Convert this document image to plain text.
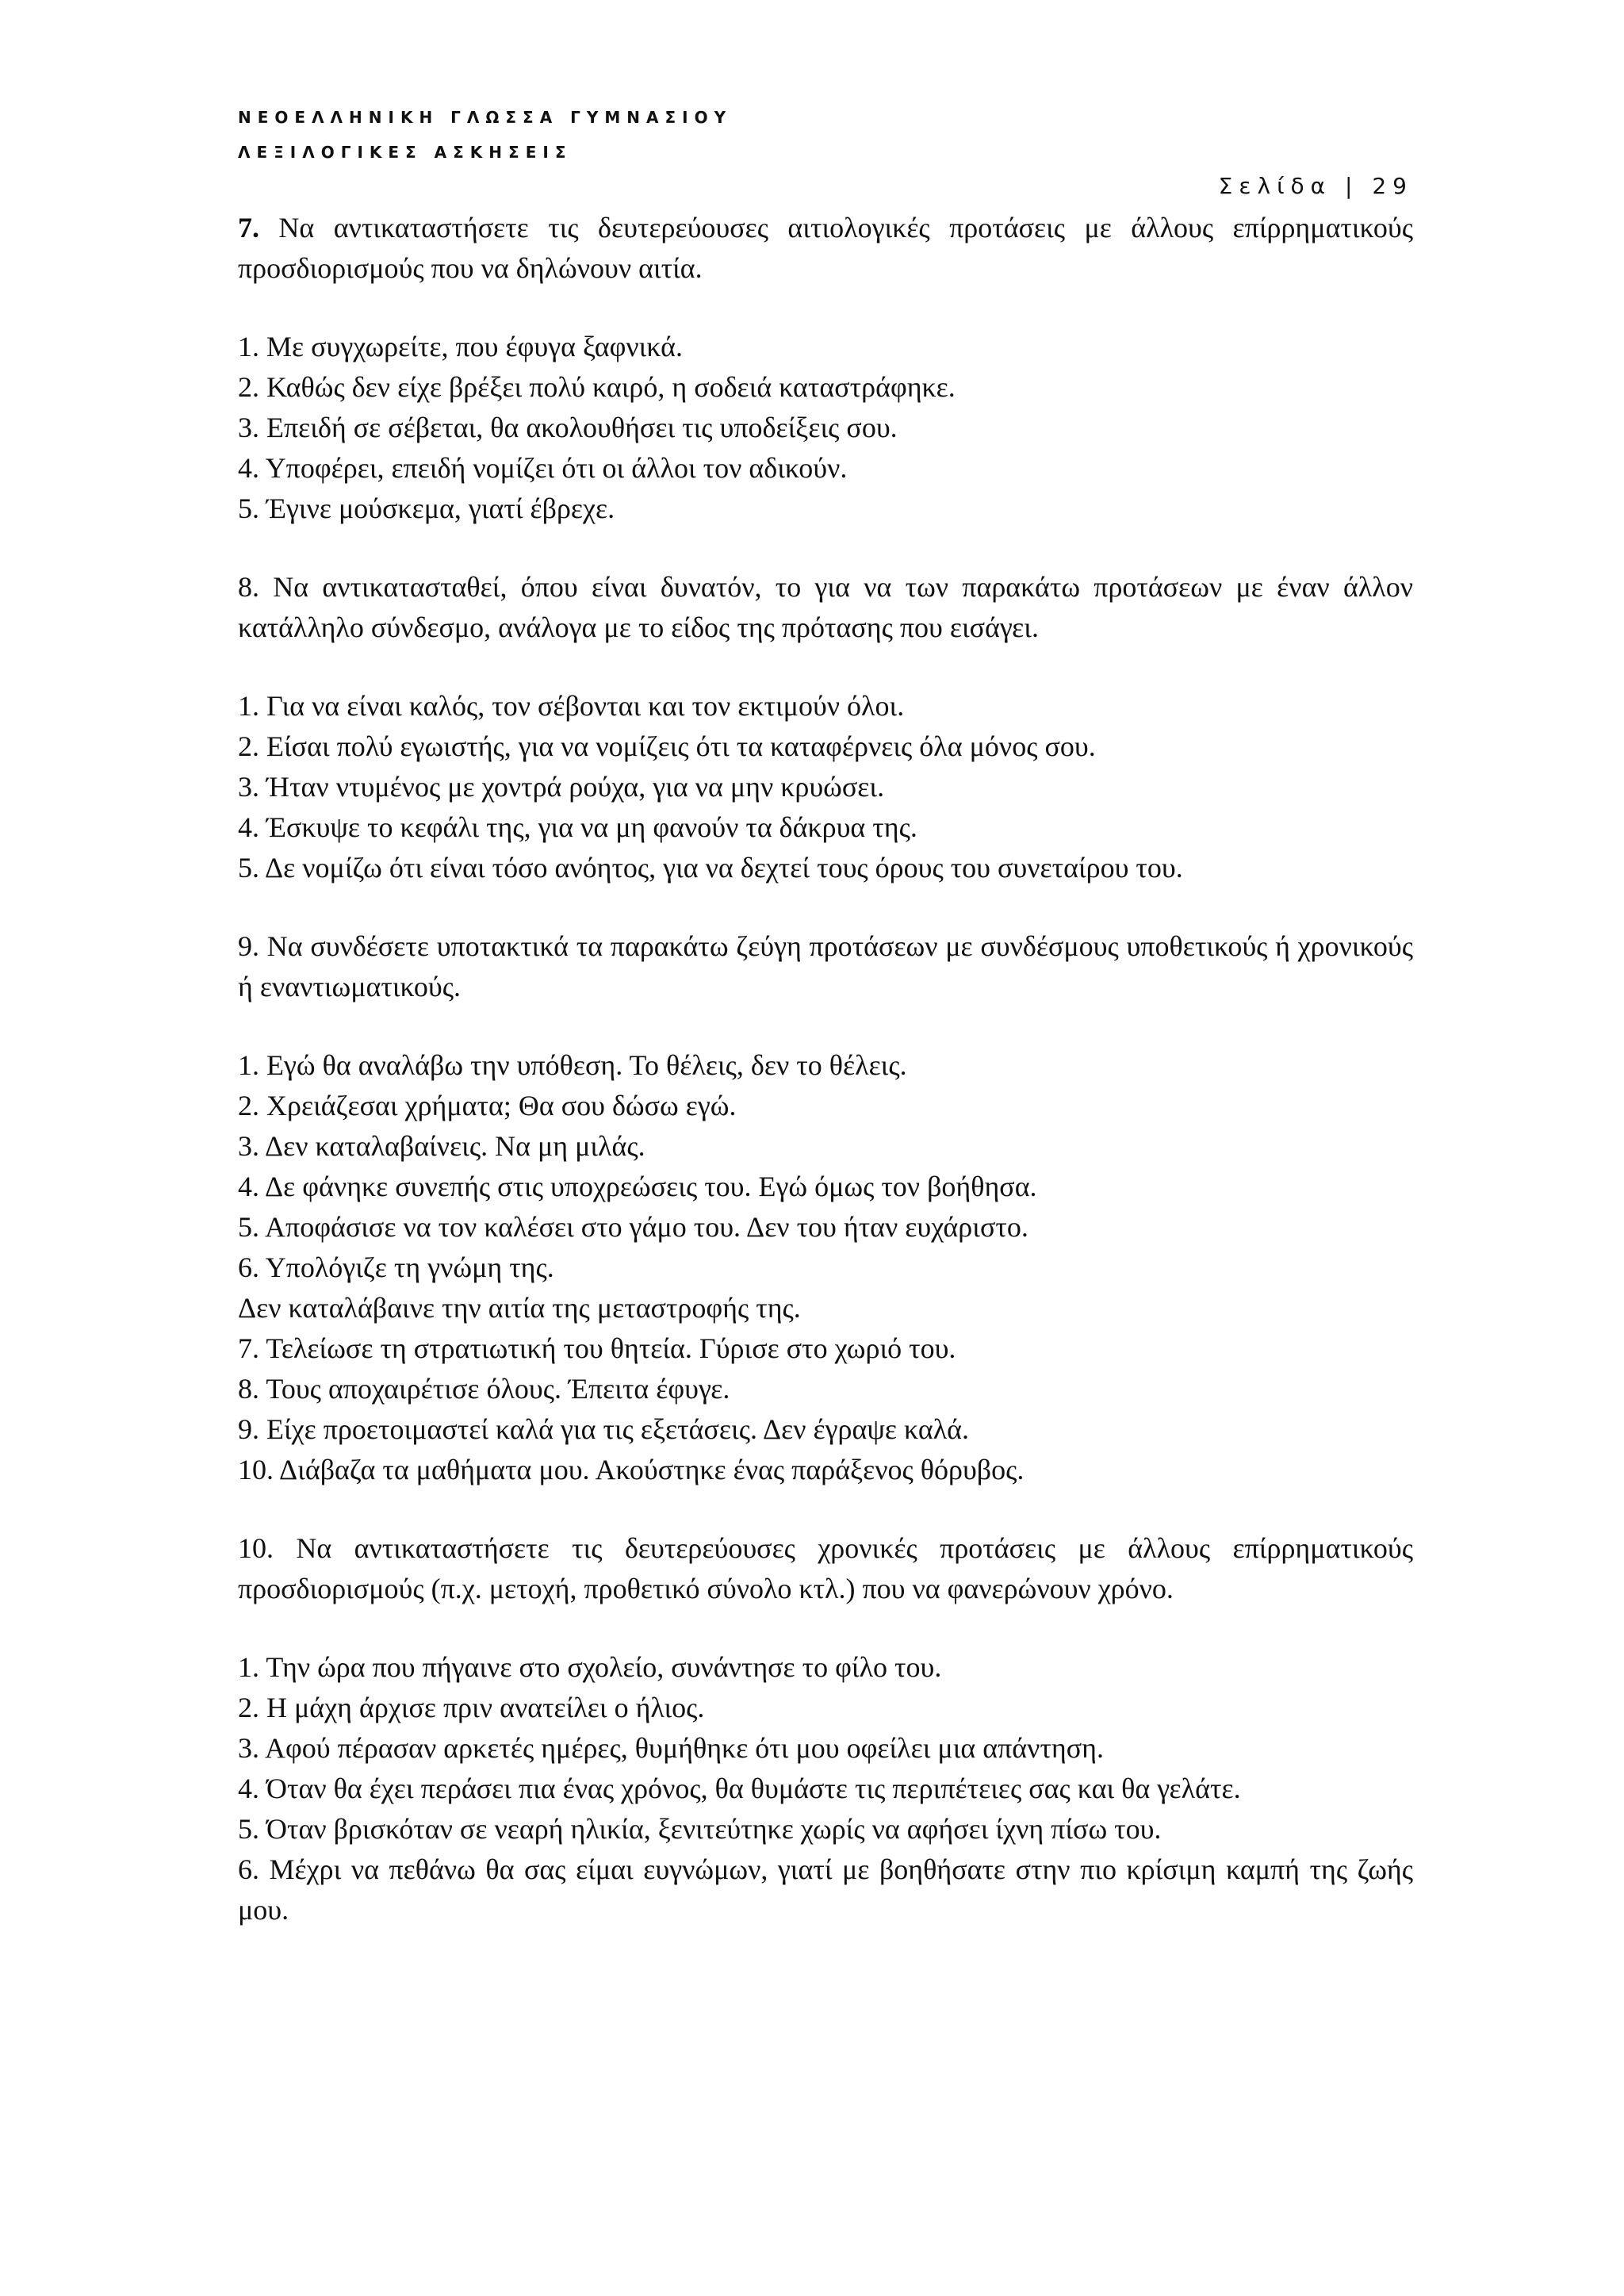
ΝΕΟΕΛΛΗΝΙΚΗ ΓΛΩΣΣΑ ΓΥΜΝΑΣΙΟΥ
ΛΕΞΙΛΟΓΙΚΕΣ ΑΣΚΗΣΕΙΣ
Σελίδα | 29

7. Να αντικαταστήσετε τις δευτερεύουσες αιτιολογικές προτάσεις με άλλους επίρρηματικούς προσδιορισμούς που να δηλώνουν αιτία.

1. Με συγχωρείτε, που έφυγα ξαφνικά.
2. Καθώς δεν είχε βρέξει πολύ καιρό, η σοδειά καταστράφηκε.
3. Επειδή σε σέβεται, θα ακολουθήσει τις υποδείξεις σου.
4. Υποφέρει, επειδή νομίζει ότι οι άλλοι τον αδικούν.
5. Έγινε μούσκεμα, γιατί έβρεχε.

8. Να αντικατασταθεί, όπου είναι δυνατόν, το για να των παρακάτω προτάσεων με έναν άλλον κατάλληλο σύνδεσμο, ανάλογα με το είδος της πρότασης που εισάγει.

1. Για να είναι καλός, τον σέβονται και τον εκτιμούν όλοι.
2. Είσαι πολύ εγωιστής, για να νομίζεις ότι τα καταφέρνεις όλα μόνος σου.
3. Ήταν ντυμένος με χοντρά ρούχα, για να μην κρυώσει.
4. Έσκυψε το κεφάλι της, για να μη φανούν τα δάκρυα της.
5. Δε νομίζω ότι είναι τόσο ανόητος, για να δεχτεί τους όρους του συνεταίρου του.

9. Να συνδέσετε υποτακτικά τα παρακάτω ζεύγη προτάσεων με συνδέσμους υποθετικούς ή χρονικούς ή εναντιωματικούς.

1. Εγώ θα αναλάβω την υπόθεση. Το θέλεις, δεν το θέλεις.
2. Χρειάζεσαι χρήματα; Θα σου δώσω εγώ.
3. Δεν καταλαβαίνεις. Να μη μιλάς.
4. Δε φάνηκε συνεπής στις υποχρεώσεις του. Εγώ όμως τον βοήθησα.
5. Αποφάσισε να τον καλέσει στο γάμο του. Δεν του ήταν ευχάριστο.
6. Υπολόγιζε τη γνώμη της.
Δεν καταλάβαινε την αιτία της μεταστροφής της.
7. Τελείωσε τη στρατιωτική του θητεία. Γύρισε στο χωριό του.
8. Τους αποχαιρέτισε όλους. Έπειτα έφυγε.
9. Είχε προετοιμαστεί καλά για τις εξετάσεις. Δεν έγραψε καλά.
10. Διάβαζα τα μαθήματα μου. Ακούστηκε ένας παράξενος θόρυβος.

10. Να αντικαταστήσετε τις δευτερεύουσες χρονικές προτάσεις με άλλους επίρρηματικούς προσδιορισμούς (π.χ. μετοχή, προθετικό σύνολο κτλ.) που να φανερώνουν χρόνο.

1. Την ώρα που πήγαινε στο σχολείο, συνάντησε το φίλο του.
2. Η μάχη άρχισε πριν ανατείλει ο ήλιος.
3. Αφού πέρασαν αρκετές ημέρες, θυμήθηκε ότι μου οφείλει μια απάντηση.
4. Όταν θα έχει περάσει πια ένας χρόνος, θα θυμάστε τις περιπέτειες σας και θα γελάτε.
5. Όταν βρισκόταν σε νεαρή ηλικία, ξενιτεύτηκε χωρίς να αφήσει ίχνη πίσω του.
6. Μέχρι να πεθάνω θα σας είμαι ευγνώμων, γιατί με βοηθήσατε στην πιο κρίσιμη καμπή της ζωής μου.
